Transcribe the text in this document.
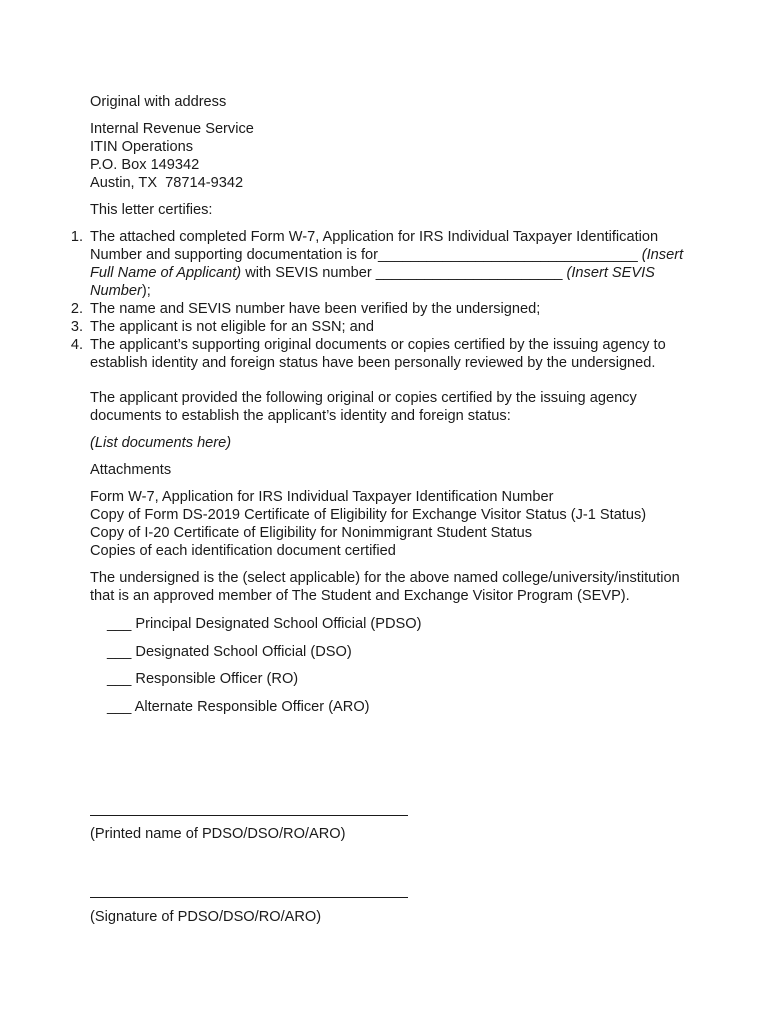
Original with address

Internal Revenue Service
ITIN Operations
P.O. Box 149342
Austin, TX  78714-9342

This letter certifies:

1. The attached completed Form W-7, Application for IRS Individual Taxpayer Identification Number and supporting documentation is for________________________________ (Insert Full Name of Applicant) with SEVIS number _______________________ (Insert SEVIS Number);
2. The name and SEVIS number have been verified by the undersigned;
3. The applicant is not eligible for an SSN; and
4. The applicant’s supporting original documents or copies certified by the issuing agency to establish identity and foreign status have been personally reviewed by the undersigned.

The applicant provided the following original or copies certified by the issuing agency documents to establish the applicant’s identity and foreign status:

(List documents here)

Attachments

Form W-7, Application for IRS Individual Taxpayer Identification Number
Copy of Form DS-2019 Certificate of Eligibility for Exchange Visitor Status (J-1 Status)
Copy of I-20 Certificate of Eligibility for Nonimmigrant Student Status
Copies of each identification document certified

The undersigned is the (select applicable) for the above named college/university/institution that is an approved member of The Student and Exchange Visitor Program (SEVP).

___ Principal Designated School Official (PDSO)
___ Designated School Official (DSO)
___ Responsible Officer (RO)
___ Alternate Responsible Officer (ARO)
(Printed name of PDSO/DSO/RO/ARO)
(Signature of PDSO/DSO/RO/ARO)
